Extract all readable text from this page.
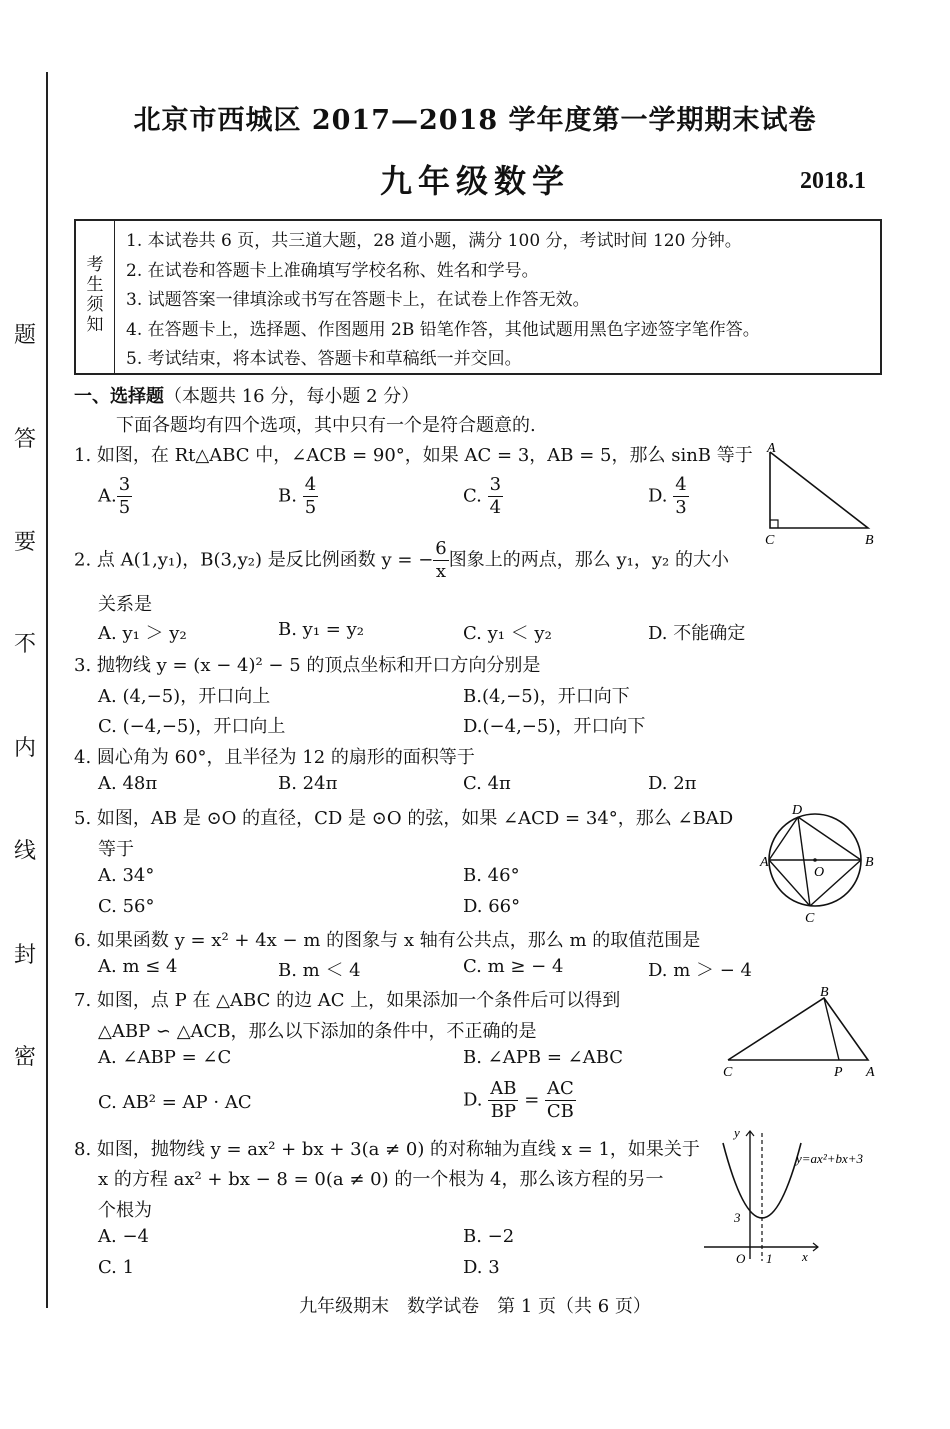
题
答
要
不
内
线
封
密
北京市西城区 2017—2018 学年度第一学期期末试卷
九年级数学	2018.1
考
生
须
知
1. 本试卷共 6 页，共三道大题，28 道小题，满分 100 分，考试时间 120 分钟。
2. 在试卷和答题卡上准确填写学校名称、姓名和学号。
3. 试题答案一律填涂或书写在答题卡上，在试卷上作答无效。
4. 在答题卡上，选择题、作图题用 2B 铅笔作答，其他试题用黑色字迹签字笔作答。
5. 考试结束，将本试卷、答题卡和草稿纸一并交回。
一、选择题（本题共 16 分，每小题 2 分）
下面各题均有四个选项，其中只有一个是符合题意的.
1. 如图，在 Rt△ABC 中，∠ACB = 90°，如果 AC = 3，AB = 5，那么 sinB 等于
A. $\frac{3}{5}$	B. $\frac{4}{5}$	C. $\frac{3}{4}$	D. $\frac{4}{3}$
A
C	B
2. 点 A(1,y₁)，B(3,y₂) 是反比例函数 y = − $\frac{6}{x}$ 图象上的两点，那么 y₁，y₂ 的大小
关系是
A. y₁ ＞ y₂	B. y₁ = y₂	C. y₁ ＜ y₂	D. 不能确定
3. 抛物线 y = (x − 4)² − 5 的顶点坐标和开口方向分别是
A. (4,−5)，开口向上	B.(4,−5)，开口向下
C. (−4,−5)，开口向上	D.(−4,−5)，开口向下
4. 圆心角为 60°，且半径为 12 的扇形的面积等于
A. 48π	B. 24π	C. 4π	D. 2π
5. 如图，AB 是 ⊙O 的直径，CD 是 ⊙O 的弦，如果 ∠ACD = 34°，那么 ∠BAD
等于
A. 34°	B. 46°
C. 56°	D. 66°
D
A	B
O
C
6. 如果函数 y = x² + 4x − m 的图象与 x 轴有公共点，那么 m 的取值范围是
A. m ≤ 4	B. m ＜ 4	C. m ≥ − 4	D. m ＞ − 4
7. 如图，点 P 在 △ABC 的边 AC 上，如果添加一个条件后可以得到
△ABP ∽ △ACB，那么以下添加的条件中，不正确的是
A. ∠ABP = ∠C	B. ∠APB = ∠ABC
C. AB² = AP · AC	D. $\frac{AB}{BP} = \frac{AC}{CB}$
B
C	P A
8. 如图，抛物线 y = ax² + bx + 3(a ≠ 0) 的对称轴为直线 x = 1，如果关于
x 的方程 ax² + bx − 8 = 0(a ≠ 0) 的一个根为 4，那么该方程的另一
个根为
A. −4	B. −2
C. 1	D. 3
y
x
O 1
3
y=ax²+bx+3
九年级期末　数学试卷　第 1 页（共 6 页）
